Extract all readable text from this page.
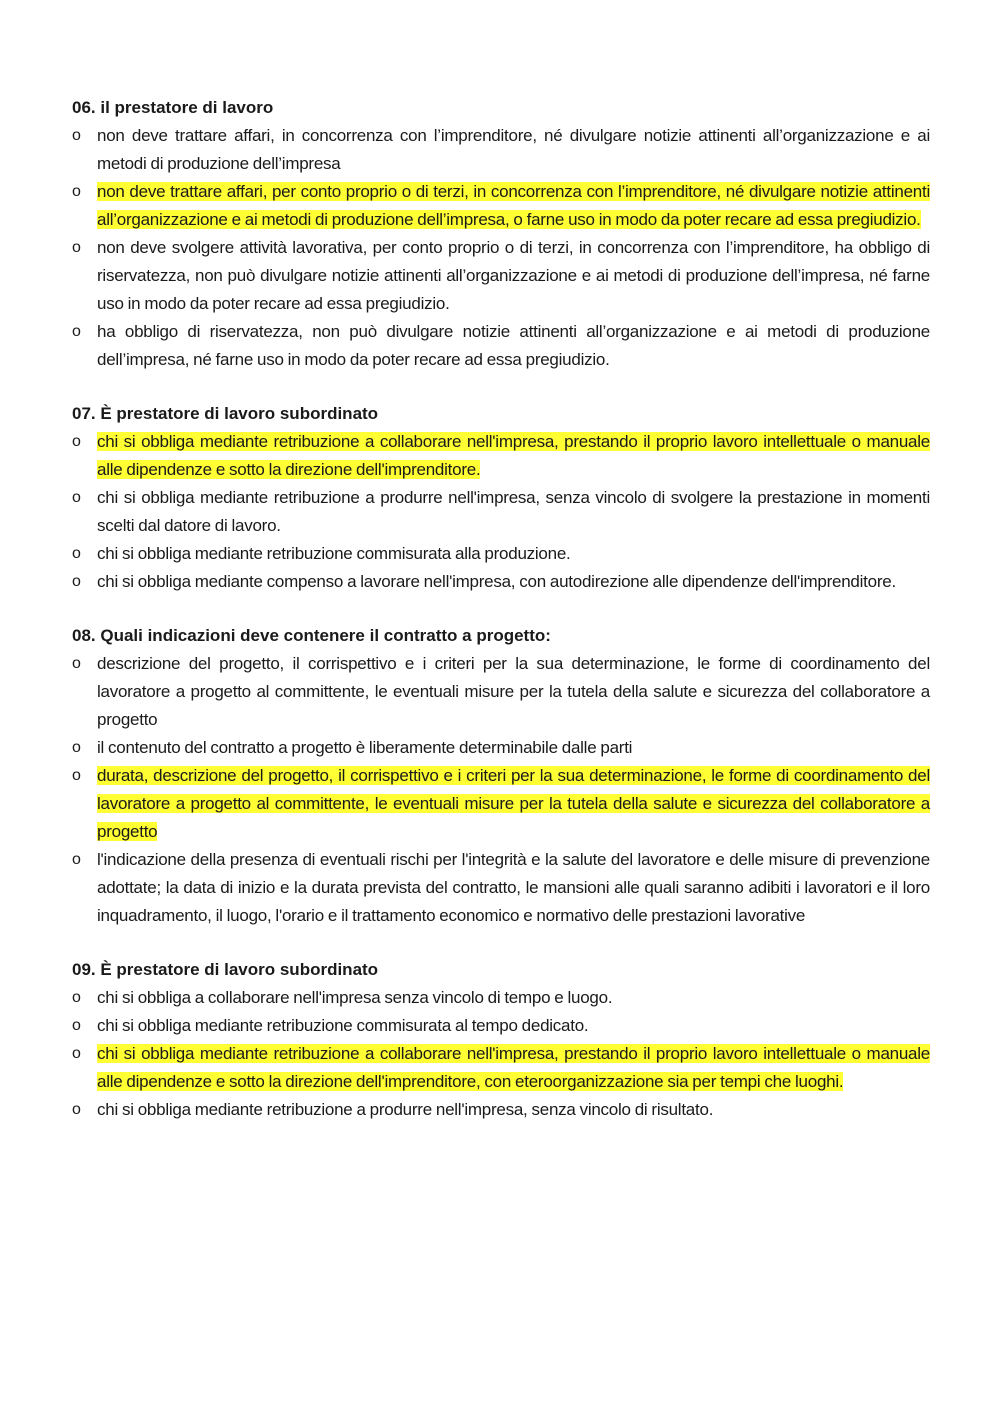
06. il prestatore di lavoro
o non deve trattare affari, in concorrenza con l’imprenditore, né divulgare notizie attinenti all’organizzazione e ai metodi di produzione dell’impresa
o non deve trattare affari, per conto proprio o di terzi, in concorrenza con l’imprenditore, né divulgare notizie attinenti all’organizzazione e ai metodi di produzione dell’impresa, o farne uso in modo da poter recare ad essa pregiudizio.
o non deve svolgere attività lavorativa, per conto proprio o di terzi, in concorrenza con l’imprenditore, ha obbligo di riservatezza, non può divulgare notizie attinenti all’organizzazione e ai metodi di produzione dell’impresa, né farne uso in modo da poter recare ad essa pregiudizio.
o ha obbligo di riservatezza, non può divulgare notizie attinenti all’organizzazione e ai metodi di produzione dell’impresa, né farne uso in modo da poter recare ad essa pregiudizio.
07. È prestatore di lavoro subordinato
o chi si obbliga mediante retribuzione a collaborare nell'impresa, prestando il proprio lavoro intellettuale o manuale alle dipendenze e sotto la direzione dell'imprenditore.
o chi si obbliga mediante retribuzione a produrre nell'impresa, senza vincolo di svolgere la prestazione in momenti scelti dal datore di lavoro.
o chi si obbliga mediante retribuzione commisurata alla produzione.
o chi si obbliga mediante compenso a lavorare nell'impresa, con autodirezione alle dipendenze dell'imprenditore.
08. Quali indicazioni deve contenere il contratto a progetto:
o descrizione del progetto, il corrispettivo e i criteri per la sua determinazione, le forme di coordinamento del lavoratore a progetto al committente, le eventuali misure per la tutela della salute e sicurezza del collaboratore a progetto
o il contenuto del contratto a progetto è liberamente determinabile dalle parti
o durata, descrizione del progetto, il corrispettivo e i criteri per la sua determinazione, le forme di coordinamento del lavoratore a progetto al committente, le eventuali misure per la tutela della salute e sicurezza del collaboratore a progetto
o l'indicazione della presenza di eventuali rischi per l'integrità e la salute del lavoratore e delle misure di prevenzione adottate; la data di inizio e la durata prevista del contratto, le mansioni alle quali saranno adibiti i lavoratori e il loro inquadramento, il luogo, l'orario e il trattamento economico e normativo delle prestazioni lavorative
09. È prestatore di lavoro subordinato
o chi si obbliga a collaborare nell'impresa senza vincolo di tempo e luogo.
o chi si obbliga mediante retribuzione commisurata al tempo dedicato.
o chi si obbliga mediante retribuzione a collaborare nell'impresa, prestando il proprio lavoro intellettuale o manuale alle dipendenze e sotto la direzione dell'imprenditore, con eteroorganizzazione sia per tempi che luoghi.
o chi si obbliga mediante retribuzione a produrre nell'impresa, senza vincolo di risultato.
